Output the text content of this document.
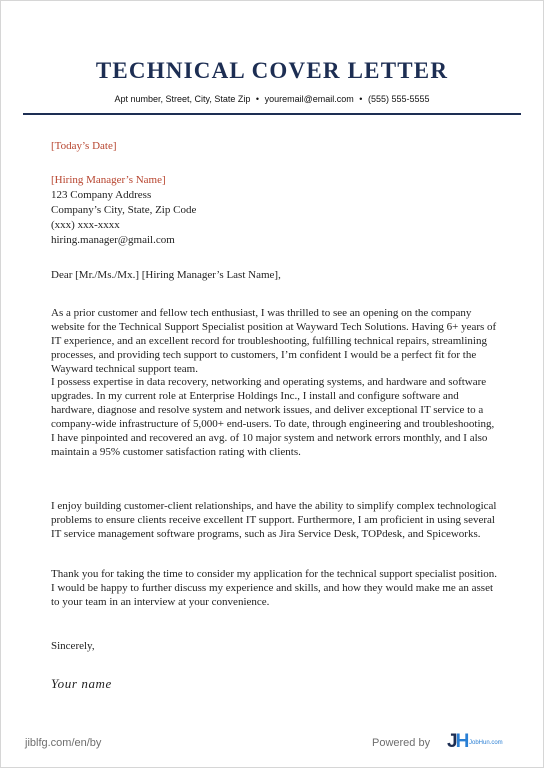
TECHNICAL COVER LETTER
Apt number, Street, City, State Zip • youremail@email.com • (555) 555-5555
[Today’s Date]
[Hiring Manager’s Name]
123 Company Address
Company’s City, State, Zip Code
(xxx) xxx-xxxx
hiring.manager@gmail.com
Dear [Mr./Ms./Mx.] [Hiring Manager’s Last Name],
As a prior customer and fellow tech enthusiast, I was thrilled to see an opening on the company website for the Technical Support Specialist position at Wayward Tech Solutions. Having 6+ years of IT experience, and an excellent record for troubleshooting, fulfilling technical repairs, streamlining processes, and providing tech support to customers, I’m confident I would be a perfect fit for the Wayward technical support team.
I possess expertise in data recovery, networking and operating systems, and hardware and software upgrades. In my current role at Enterprise Holdings Inc., I install and configure software and hardware, diagnose and resolve system and network issues, and deliver exceptional IT service to a company-wide infrastructure of 5,000+ end-users. To date, through engineering and troubleshooting, I have pinpointed and recovered an avg. of 10 major system and network errors monthly, and I also maintain a 95% customer satisfaction rating with clients.
I enjoy building customer-client relationships, and have the ability to simplify complex technological problems to ensure clients receive excellent IT support. Furthermore, I am proficient in using several IT service management software programs, such as Jira Service Desk, TOPdesk, and Spiceworks.
Thank you for taking the time to consider my application for the technical support specialist position. I would be happy to further discuss my experience and skills, and how they would make me an asset to your team in an interview at your convenience.
Sincerely,
Your name
jiblfg.com/en/by	Powered by JH JobHun.com
